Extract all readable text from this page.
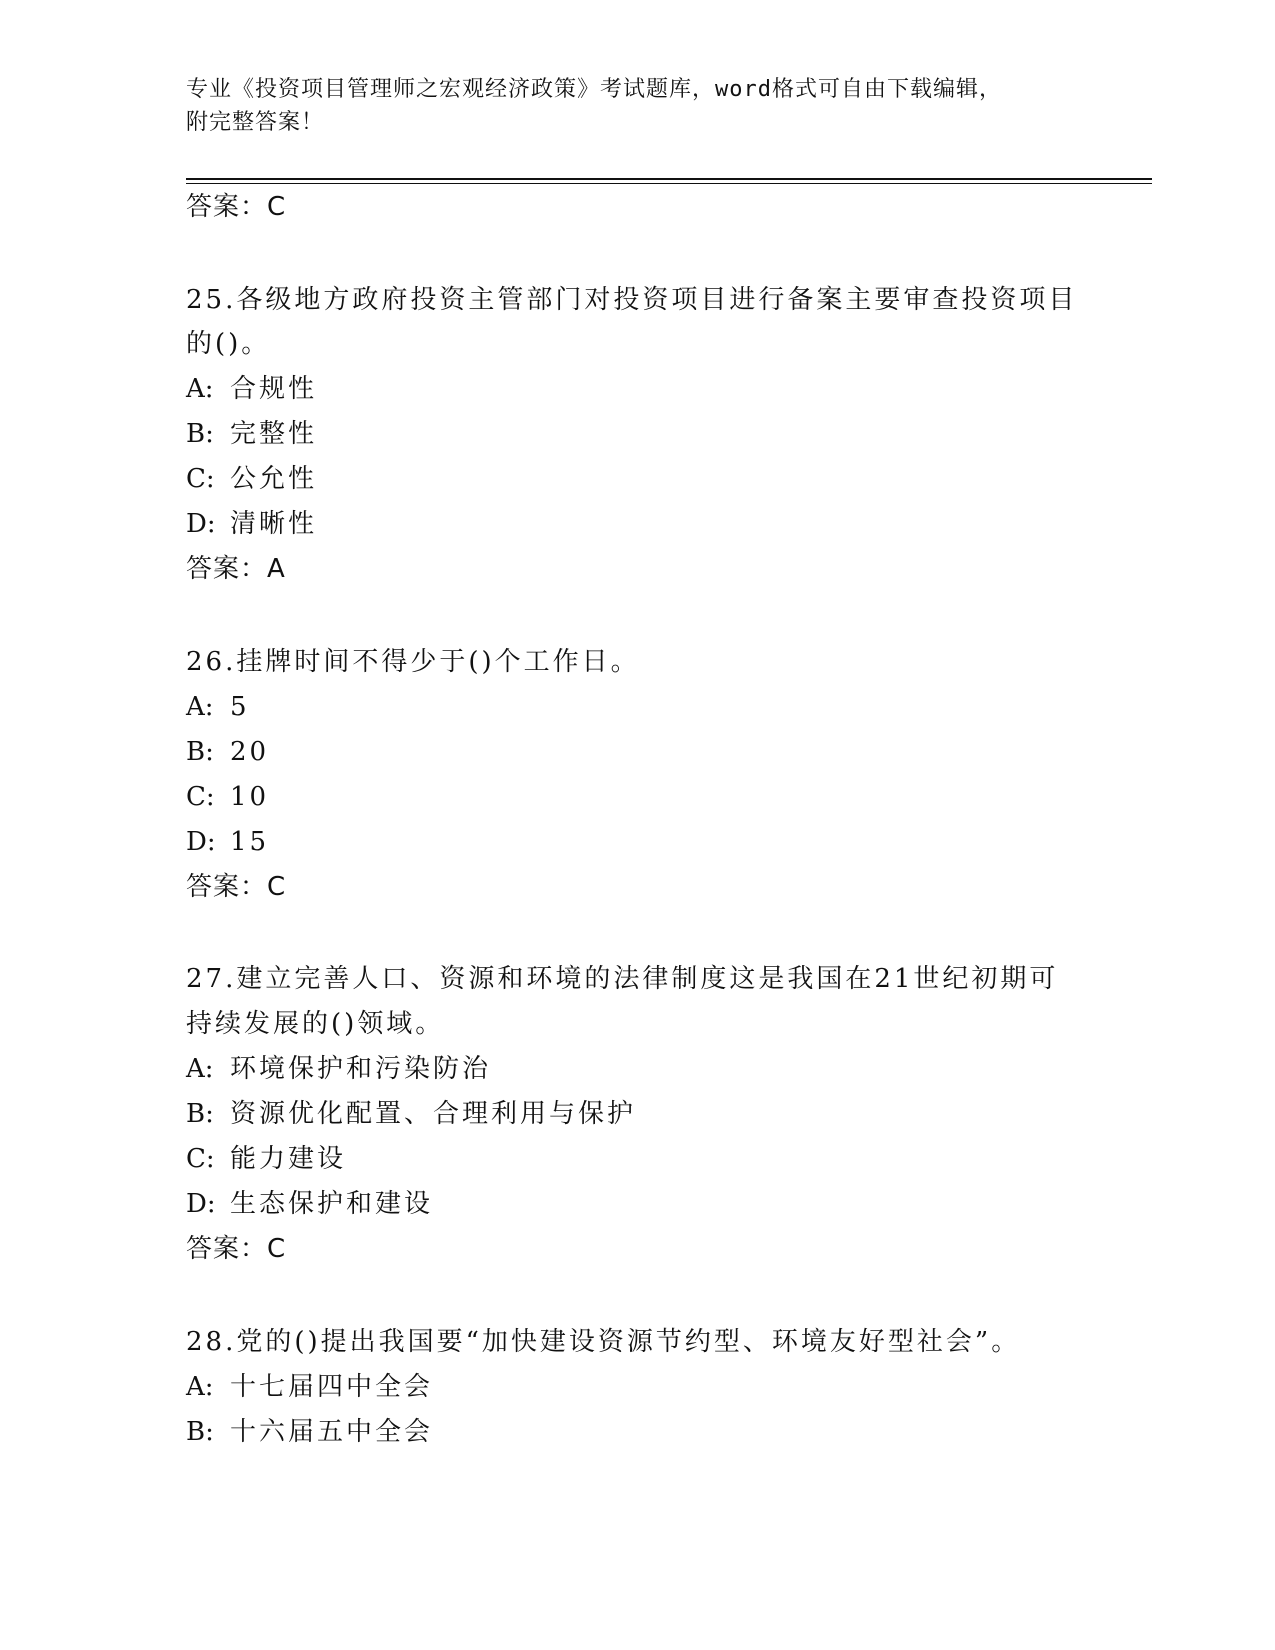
专业《投资项目管理师之宏观经济政策》考试题库，word格式可自由下载编辑，
附完整答案！
答案：C
25.各级地方政府投资主管部门对投资项目进行备案主要审查投资项目
的()。
A: 合规性
B: 完整性
C: 公允性
D: 清晰性
答案：A
26.挂牌时间不得少于()个工作日。
A: 5
B: 20
C: 10
D: 15
答案：C
27.建立完善人口、资源和环境的法律制度这是我国在21世纪初期可
持续发展的()领域。
A: 环境保护和污染防治
B: 资源优化配置、合理利用与保护
C: 能力建设
D: 生态保护和建设
答案：C
28.党的()提出我国要“加快建设资源节约型、环境友好型社会”。
A: 十七届四中全会
B: 十六届五中全会
